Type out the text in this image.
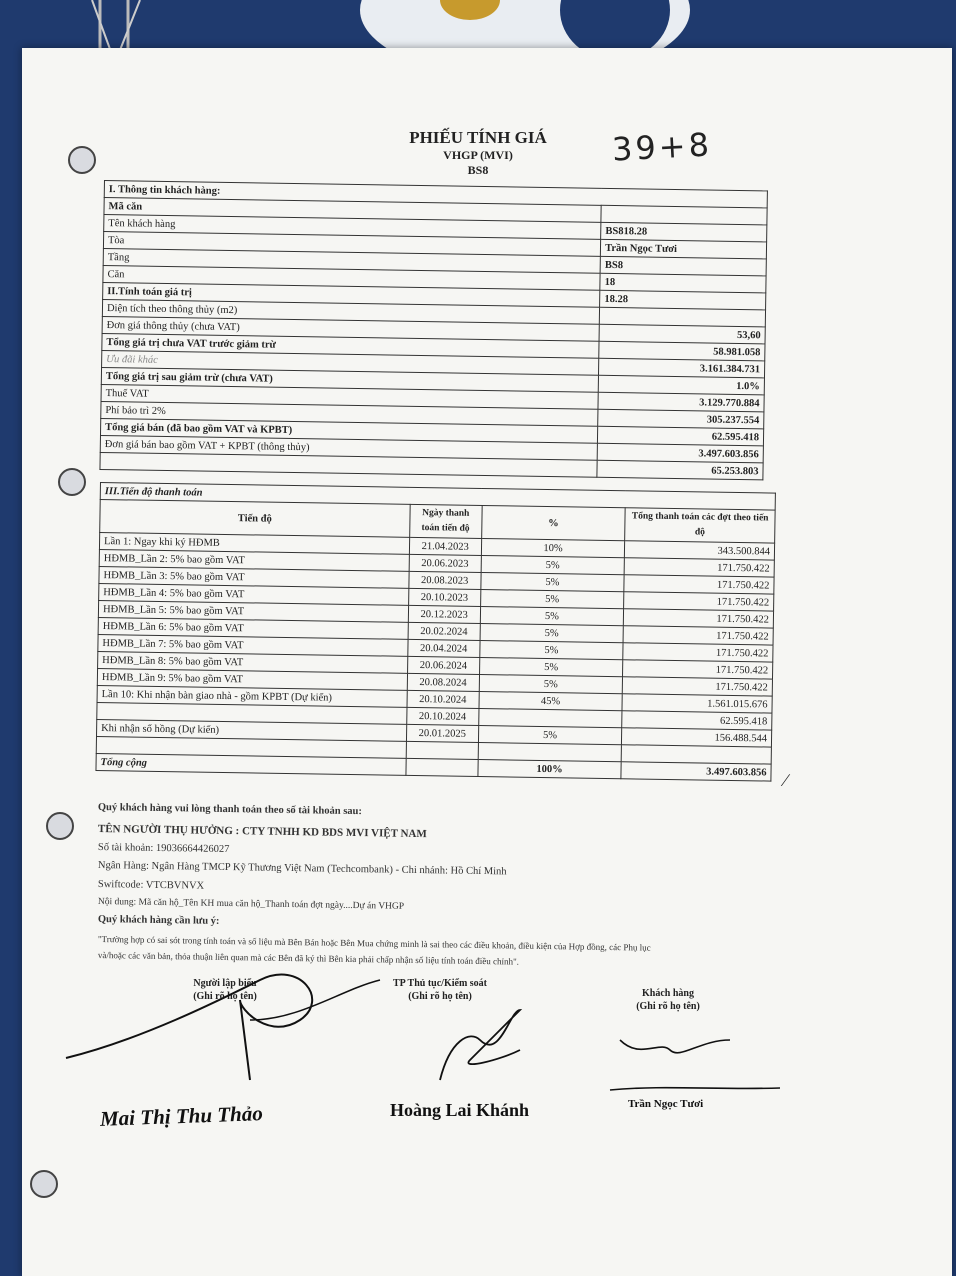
PHIẾU TÍNH GIÁ
VHGP (MVI)
BS8
39+8
I. Thông tin khách hàng:	
Mã căn	
Tên khách hàng	BS818.28
Tòa	Trần Ngọc Tươi
Tầng	BS8
Căn	18
II.Tính toán giá trị	18.28
Diện tích theo thông thủy (m2)	
Đơn giá thông thủy (chưa VAT)	53,60
Tổng giá trị chưa VAT trước giảm trừ	58.981.058
Ưu đãi khác	3.161.384.731
Tổng giá trị sau giảm trừ (chưa VAT)	1.0%
Thuế VAT	3.129.770.884
Phí bảo trì 2%	305.237.554
Tổng giá bán (đã bao gồm VAT và KPBT)	62.595.418
Đơn giá bán bao gồm VAT + KPBT (thông thủy)	3.497.603.856
	65.253.803
III.Tiến độ thanh toán			
Tiến độ	Ngày thanh toán tiến độ	%	Tổng thanh toán các đợt theo tiến độ
Lần 1: Ngay khi ký HĐMB	21.04.2023	10%	343.500.844
HĐMB_Lần 2: 5% bao gồm VAT	20.06.2023	5%	171.750.422
HĐMB_Lần 3: 5% bao gồm VAT	20.08.2023	5%	171.750.422
HĐMB_Lần 4: 5% bao gồm VAT	20.10.2023	5%	171.750.422
HĐMB_Lần 5: 5% bao gồm VAT	20.12.2023	5%	171.750.422
HĐMB_Lần 6: 5% bao gồm VAT	20.02.2024	5%	171.750.422
HĐMB_Lần 7: 5% bao gồm VAT	20.04.2024	5%	171.750.422
HĐMB_Lần 8: 5% bao gồm VAT	20.06.2024	5%	171.750.422
HĐMB_Lần 9: 5% bao gồm VAT	20.08.2024	5%	171.750.422
Lần 10: Khi nhận bàn giao nhà - gồm KPBT (Dự kiến)	20.10.2024	45%	1.561.015.676
	20.10.2024		62.595.418
Khi nhận sổ hồng (Dự kiến)	20.01.2025	5%	156.488.544

Tổng cộng		100%	3.497.603.856 ∕
Quý khách hàng vui lòng thanh toán theo số tài khoản sau:
TÊN NGƯỜI THỤ HƯỞNG : CTY TNHH KD BDS MVI VIỆT NAM
Số tài khoản: 19036664426027
Ngân Hàng: Ngân Hàng TMCP Kỹ Thương Việt Nam (Techcombank) - Chi nhánh: Hồ Chí Minh
Swiftcode: VTCBVNVX
Nội dung: Mã căn hộ_Tên KH mua căn hộ_Thanh toán đợt ngày....Dự án VHGP
Quý khách hàng cần lưu ý:
"Trường hợp có sai sót trong tính toán và số liệu mà Bên Bán hoặc Bên Mua chứng minh là sai theo các điều khoản, điều kiện của Hợp đồng, các Phụ lục
và/hoặc các văn bản, thỏa thuận liên quan mà các Bên đã ký thì Bên kia phải chấp nhận số liệu tính toán điều chỉnh".
Người lập biểu
(Ghi rõ họ tên)
TP Thủ tục/Kiểm soát
(Ghi rõ họ tên)	Khách hàng
(Ghi rõ họ tên)
Mai Thị Thu Thảo	Hoàng Lai Khánh	Trần Ngọc Tươi
